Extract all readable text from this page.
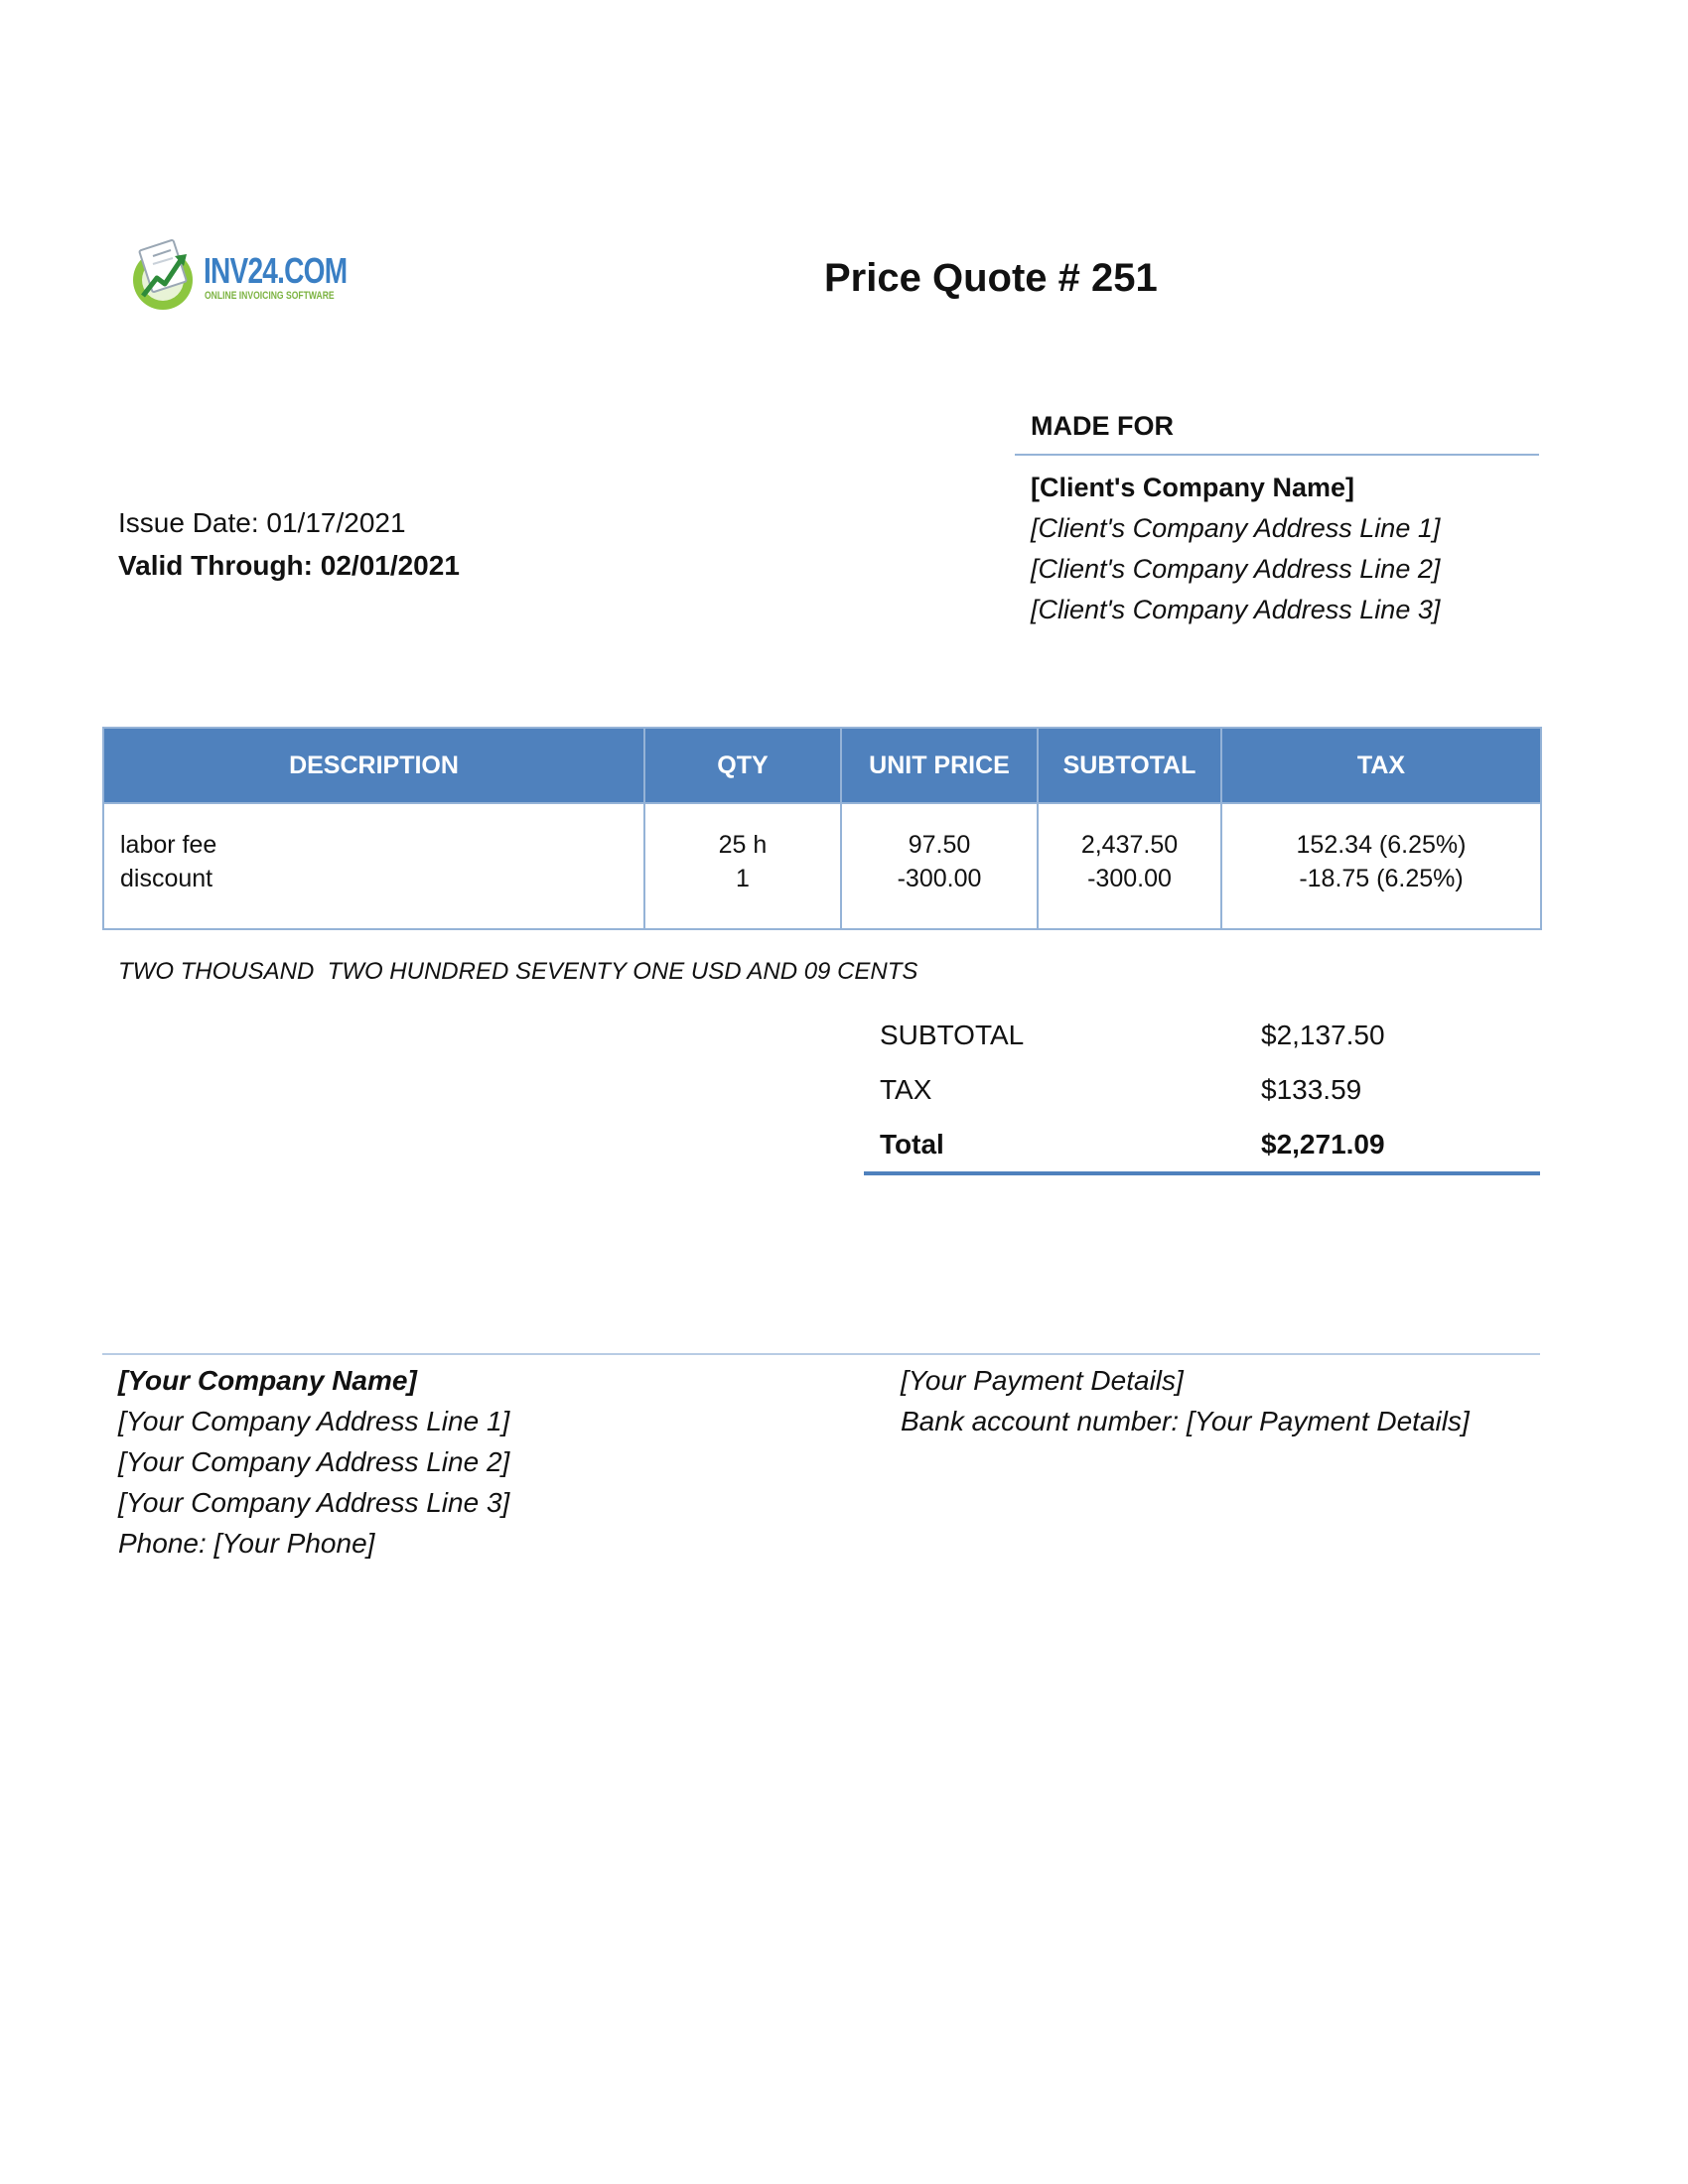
INV24.COM
ONLINE INVOICING SOFTWARE	Price Quote # 251
MADE FOR
[Client's Company Name]
[Client's Company Address Line 1]
[Client's Company Address Line 2]
[Client's Company Address Line 3]
Issue Date: 01/17/2021
Valid Through: 02/01/2021
DESCRIPTION	QTY	UNIT PRICE	SUBTOTAL	TAX
labor fee	25 h	97.50	2,437.50	152.34 (6.25%)
discount	1	-300.00	-300.00	-18.75 (6.25%)
TWO THOUSAND  TWO HUNDRED SEVENTY ONE USD AND 09 CENTS
SUBTOTAL	$2,137.50
TAX	$133.59
Total	$2,271.09
[Your Company Name]
[Your Company Address Line 1]
[Your Company Address Line 2]
[Your Company Address Line 3]
Phone: [Your Phone]
[Your Payment Details]
Bank account number: [Your Payment Details]
